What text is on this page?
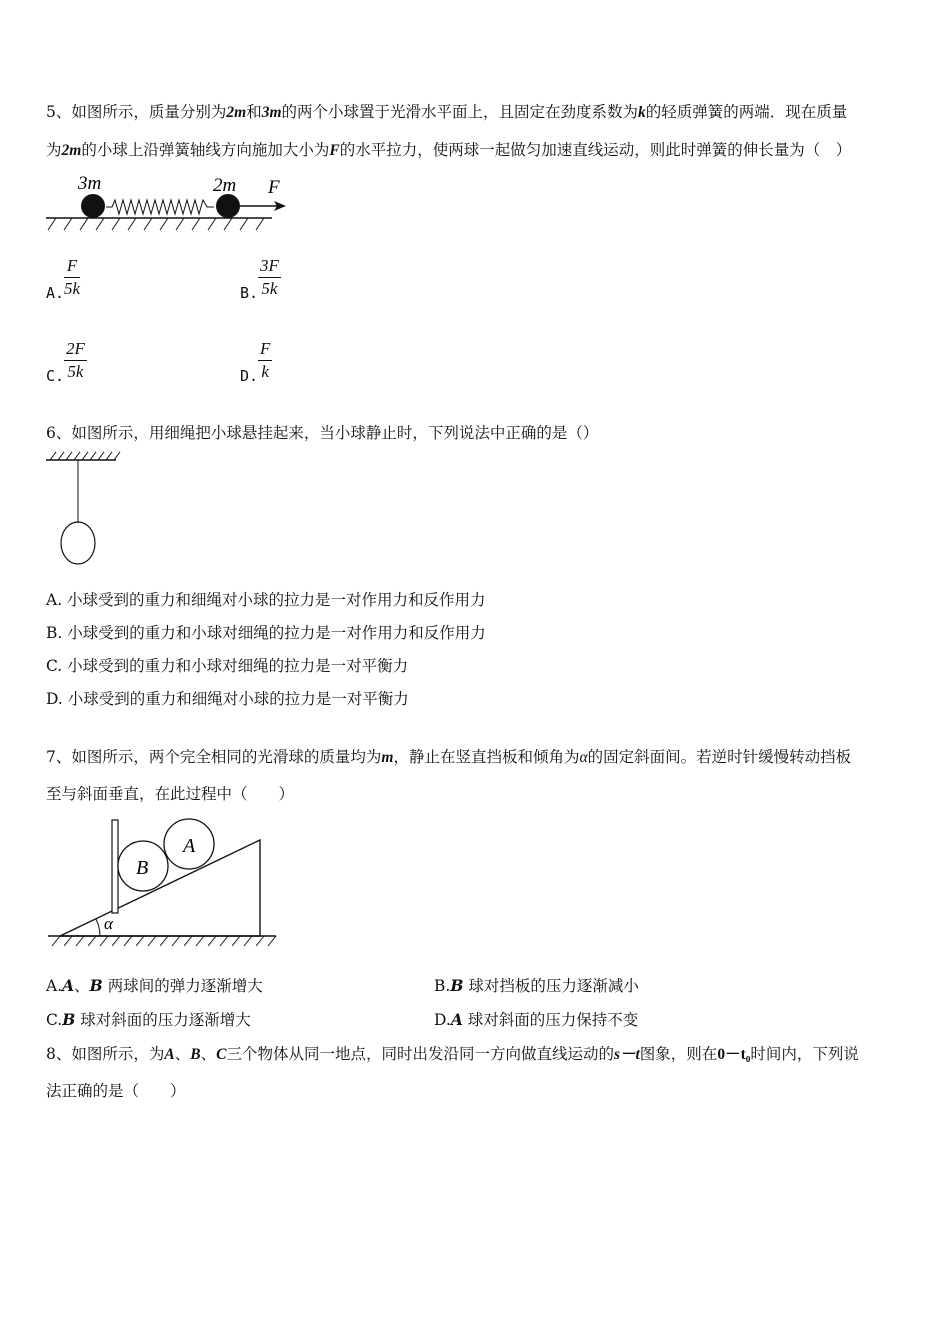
5、如图所示，质量分别为2m和3m的两个小球置于光滑水平面上，且固定在劲度系数为k的轻质弹簧的两端．现在质量
为2m的小球上沿弹簧轴线方向施加大小为F的水平拉力，使两球一起做匀加速直线运动，则此时弹簧的伸长量为（　）
3m	2m F
A. $\frac{F}{5k}$	B. $\frac{3F}{5k}$
C. $\frac{2F}{5k}$	D. $\frac{F}{k}$
6、如图所示，用细绳把小球悬挂起来，当小球静止时，下列说法中正确的是（）
A. 小球受到的重力和细绳对小球的拉力是一对作用力和反作用力
B. 小球受到的重力和小球对细绳的拉力是一对作用力和反作用力
C. 小球受到的重力和小球对细绳的拉力是一对平衡力
D. 小球受到的重力和细绳对小球的拉力是一对平衡力
7、如图所示，两个完全相同的光滑球的质量均为m，静止在竖直挡板和倾角为α的固定斜面间。若逆时针缓慢转动挡板
至与斜面垂直，在此过程中（　　）
B
A
α
A.A、B 两球间的弹力逐渐增大	B.B 球对挡板的压力逐渐减小
C.B 球对斜面的压力逐渐增大	D.A 球对斜面的压力保持不变
8、如图所示，为A、B、C三个物体从同一地点，同时出发沿同一方向做直线运动的s－t图象，则在0－t₀时间内，下列说
法正确的是（　　）
